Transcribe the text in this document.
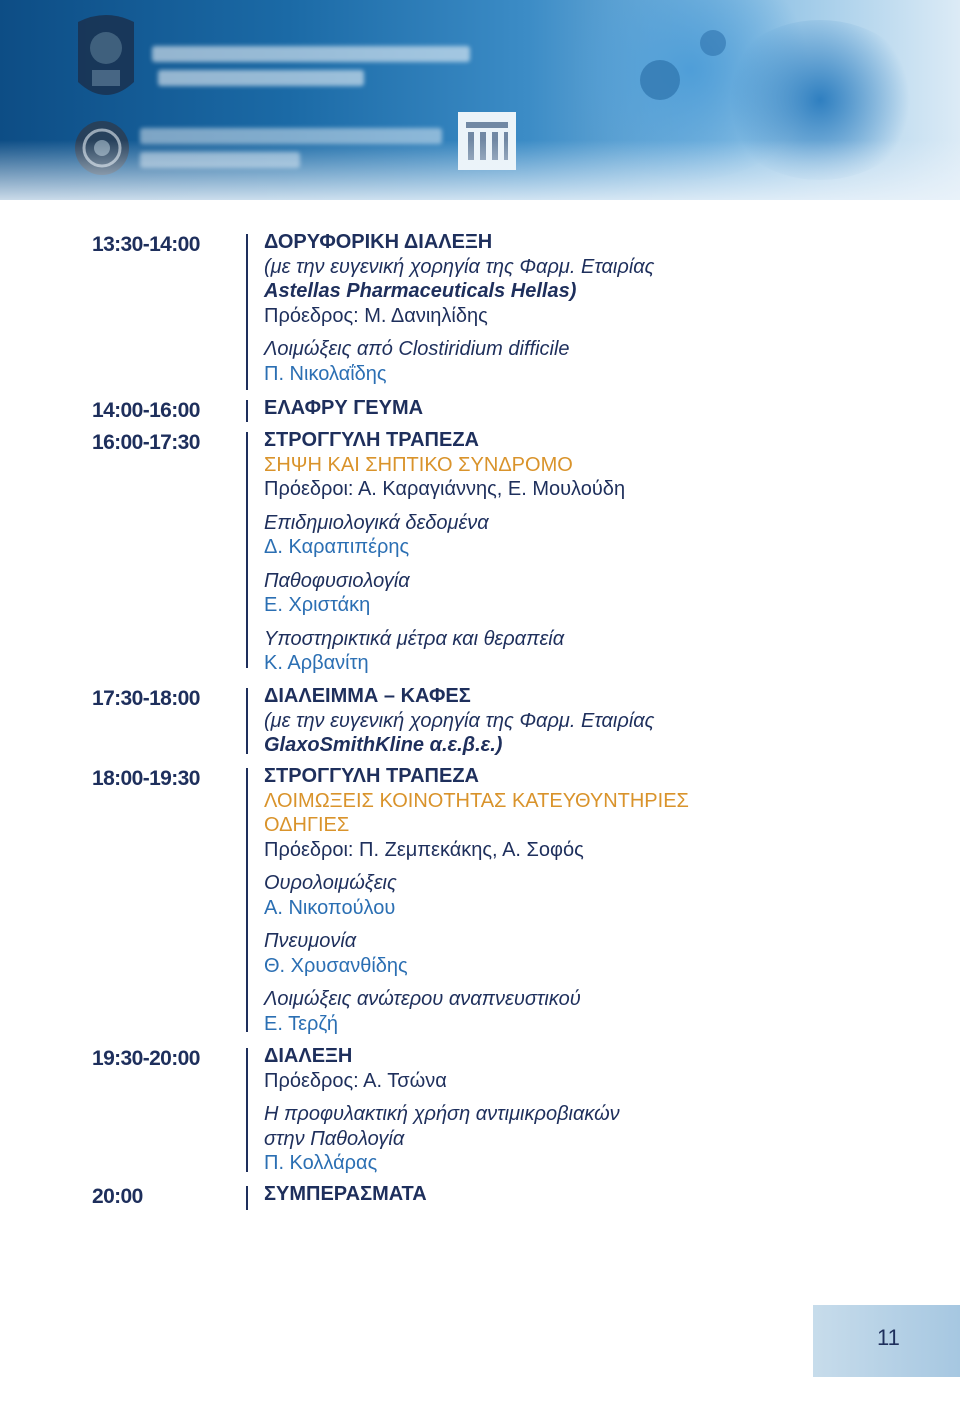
13:30-14:00	ΔΟΡΥΦΟΡΙΚΗ ΔΙΑΛΕΞΗ
(με την ευγενική χορηγία της Φαρμ. Εταιρίας
Astellas Pharmaceuticals Hellas)
Πρόεδρος: Μ. Δανιηλίδης
Λοιμώξεις από Clostiridium difficile
Π. Νικολαΐδης
14:00-16:00	ΕΛΑΦΡΥ ΓΕΥΜΑ
16:00-17:30	ΣΤΡΟΓΓΥΛΗ ΤΡΑΠΕΖΑ
ΣΗΨΗ ΚΑΙ ΣΗΠΤΙΚΟ ΣΥΝΔΡΟΜΟ
Πρόεδροι: Α. Καραγιάννης, Ε. Μουλούδη
Επιδημιολογικά δεδομένα
Δ. Καραπιπέρης
Παθοφυσιολογία
Ε. Χριστάκη
Υποστηρικτικά μέτρα και θεραπεία
Κ. Αρβανίτη
17:30-18:00	ΔΙΑΛΕΙΜΜΑ – ΚΑΦΕΣ
(με την ευγενική χορηγία της Φαρμ. Εταιρίας
GlaxoSmithKline α.ε.β.ε.)
18:00-19:30	ΣΤΡΟΓΓΥΛΗ ΤΡΑΠΕΖΑ
ΛΟΙΜΩΞΕΙΣ ΚΟΙΝΟΤΗΤΑΣ ΚΑΤΕΥΘΥΝΤΗΡΙΕΣ
ΟΔΗΓΙΕΣ
Πρόεδροι: Π. Ζεμπεκάκης, Α. Σοφός
Ουρολοιμώξεις
Α. Νικοπούλου
Πνευμονία
Θ. Χρυσανθίδης
Λοιμώξεις ανώτερου αναπνευστικού
Ε. Τερζή
19:30-20:00	ΔΙΑΛΕΞΗ
Πρόεδρος: Α. Τσώνα
Η προφυλακτική χρήση αντιμικροβιακών
στην Παθολογία
Π. Κολλάρας
20:00	ΣΥΜΠΕΡΑΣΜΑΤΑ
11
